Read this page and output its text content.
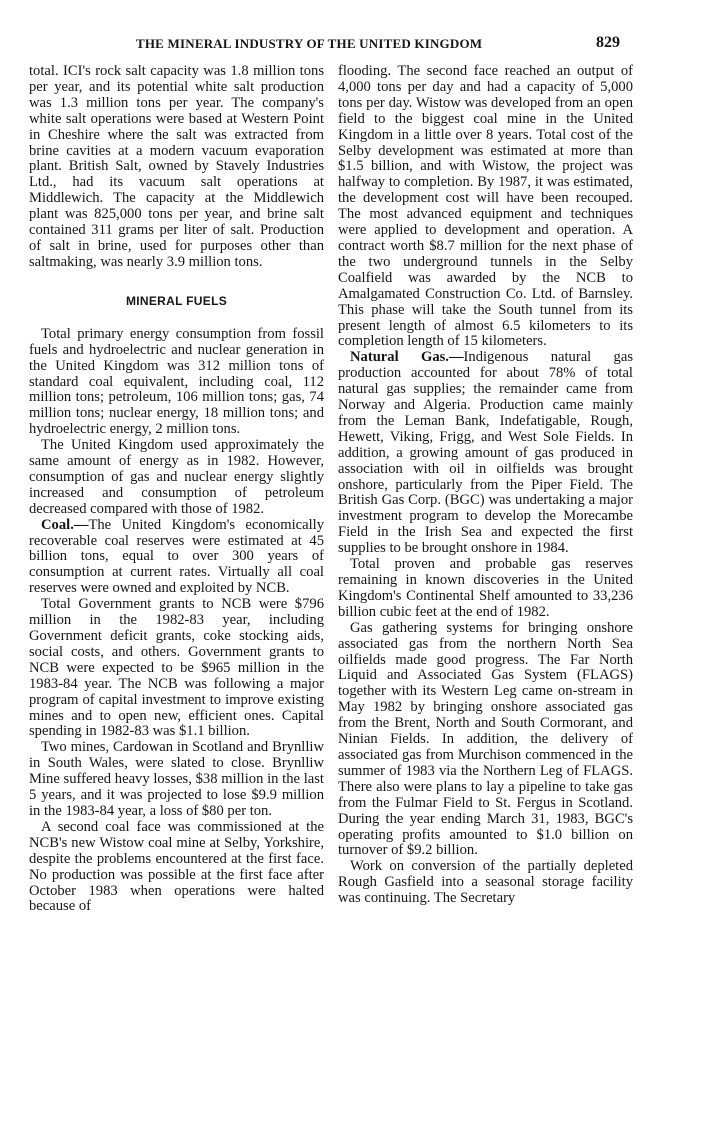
THE MINERAL INDUSTRY OF THE UNITED KINGDOM	829

total. ICI's rock salt capacity was 1.8 million tons per year, and its potential white salt production was 1.3 million tons per year. The company's white salt operations were based at Western Point in Cheshire where the salt was extracted from brine cavities at a modern vacuum evaporation plant. British Salt, owned by Stavely Industries Ltd., had its vacuum salt operations at Middlewich. The capacity at the Middlewich plant was 825,000 tons per year, and brine salt contained 311 grams per liter of salt. Production of salt in brine, used for purposes other than saltmaking, was nearly 3.9 million tons.

MINERAL FUELS

Total primary energy consumption from fossil fuels and hydroelectric and nuclear generation in the United Kingdom was 312 million tons of standard coal equivalent, including coal, 112 million tons; petroleum, 106 million tons; gas, 74 million tons; nuclear energy, 18 million tons; and hydroelectric energy, 2 million tons.

The United Kingdom used approximately the same amount of energy as in 1982. However, consumption of gas and nuclear energy slightly increased and consumption of petroleum decreased compared with those of 1982.

Coal.—The United Kingdom's economically recoverable coal reserves were estimated at 45 billion tons, equal to over 300 years of consumption at current rates. Virtually all coal reserves were owned and exploited by NCB.

Total Government grants to NCB were $796 million in the 1982-83 year, including Government deficit grants, coke stocking aids, social costs, and others. Government grants to NCB were expected to be $965 million in the 1983-84 year. The NCB was following a major program of capital investment to improve existing mines and to open new, efficient ones. Capital spending in 1982-83 was $1.1 billion.

Two mines, Cardowan in Scotland and Brynlliw in South Wales, were slated to close. Brynlliw Mine suffered heavy losses, $38 million in the last 5 years, and it was projected to lose $9.9 million in the 1983-84 year, a loss of $80 per ton.

A second coal face was commissioned at the NCB's new Wistow coal mine at Selby, Yorkshire, despite the problems encountered at the first face. No production was possible at the first face after October 1983 when operations were halted because of

flooding. The second face reached an output of 4,000 tons per day and had a capacity of 5,000 tons per day. Wistow was developed from an open field to the biggest coal mine in the United Kingdom in a little over 8 years. Total cost of the Selby development was estimated at more than $1.5 billion, and with Wistow, the project was halfway to completion. By 1987, it was estimated, the development cost will have been recouped. The most advanced equipment and techniques were applied to development and operation. A contract worth $8.7 million for the next phase of the two underground tunnels in the Selby Coalfield was awarded by the NCB to Amalgamated Construction Co. Ltd. of Barnsley. This phase will take the South tunnel from its present length of almost 6.5 kilometers to its completion length of 15 kilometers.

Natural Gas.—Indigenous natural gas production accounted for about 78% of total natural gas supplies; the remainder came from Norway and Algeria. Production came mainly from the Leman Bank, Indefatigable, Rough, Hewett, Viking, Frigg, and West Sole Fields. In addition, a growing amount of gas produced in association with oil in oilfields was brought onshore, particularly from the Piper Field. The British Gas Corp. (BGC) was undertaking a major investment program to develop the Morecambe Field in the Irish Sea and expected the first supplies to be brought onshore in 1984.

Total proven and probable gas reserves remaining in known discoveries in the United Kingdom's Continental Shelf amounted to 33,236 billion cubic feet at the end of 1982.

Gas gathering systems for bringing onshore associated gas from the northern North Sea oilfields made good progress. The Far North Liquid and Associated Gas System (FLAGS) together with its Western Leg came on-stream in May 1982 by bringing onshore associated gas from the Brent, North and South Cormorant, and Ninian Fields. In addition, the delivery of associated gas from Murchison commenced in the summer of 1983 via the Northern Leg of FLAGS. There also were plans to lay a pipeline to take gas from the Fulmar Field to St. Fergus in Scotland. During the year ending March 31, 1983, BGC's operating profits amounted to $1.0 billion on turnover of $9.2 billion.

Work on conversion of the partially depleted Rough Gasfield into a seasonal storage facility was continuing. The Secretary
